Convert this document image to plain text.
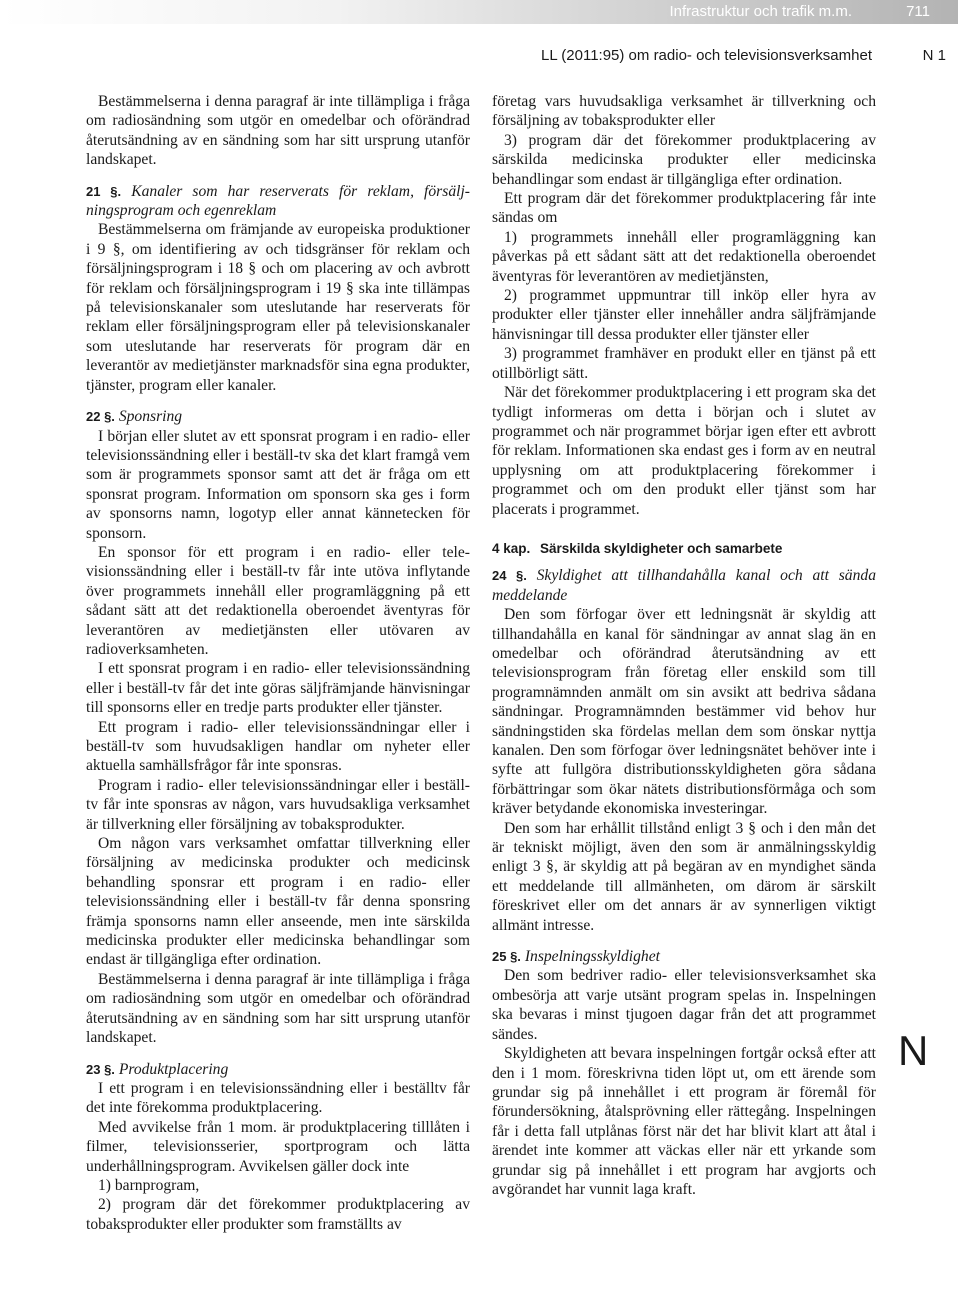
Infrastruktur och trafik m.m.	711
LL (2011:95) om radio- och televisionsverksamhet	N 1

Bestämmelserna i denna paragraf är inte tillämpliga i fråga om radiosändning som utgör en omedelbar och oförändrad återutsändning av en sändning som har sitt ursprung utanför landskapet.

21 §. Kanaler som har reserverats för reklam, försäljningsprogram och egenreklam

Bestämmelserna om främjande av europeiska produktioner i 9 §, om identifiering av och tidsgränser för reklam och försäljningsprogram i 18 § och om placering av och avbrott för reklam och försäljningsprogram i 19 § ska inte tillämpas på televisionskanaler som uteslutande har reserverats för reklam eller försäljningsprogram eller på televisionskanaler som uteslutande har reserverats för program där en leverantör av medietjänster marknadsför sina egna produkter, tjänster, program eller kanaler.

22 §. Sponsring

I början eller slutet av ett sponsrat program i en radio- eller televisionssändning eller i beställ-tv ska det klart framgå vem som är programmets sponsor samt att det är fråga om ett sponsrat program. Information om sponsorn ska ges i form av sponsorns namn, logotyp eller annat kännetecken för sponsorn.

En sponsor för ett program i en radio- eller televisionssändning eller i beställ-tv får inte utöva inflytande över programmets innehåll eller programläggning på ett sådant sätt att det redaktionella oberoendet äventyras för leverantören av medietjänsten eller utövaren av radioverksamheten.

I ett sponsrat program i en radio- eller televisionssändning eller i beställ-tv får det inte göras säljfrämjande hänvisningar till sponsorns eller en tredje parts produkter eller tjänster.

Ett program i radio- eller televisionssändningar eller i beställ-tv som huvudsakligen handlar om nyheter eller aktuella samhällsfrågor får inte sponsras.

Program i radio- eller televisionssändningar eller i beställ-tv får inte sponsras av någon, vars huvudsakliga verksamhet är tillverkning eller försäljning av tobaksprodukter.

Om någon vars verksamhet omfattar tillverkning eller försäljning av medicinska produkter och medicinsk behandling sponsrar ett program i en radio- eller televisionssändning eller i beställ-tv får denna sponsring främja sponsorns namn eller anseende, men inte särskilda medicinska produkter eller medicinska behandlingar som endast är tillgängliga efter ordination.

Bestämmelserna i denna paragraf är inte tillämpliga i fråga om radiosändning som utgör en omedelbar och oförändrad återutsändning av en sändning som har sitt ursprung utanför landskapet.

23 §. Produktplacering

I ett program i en televisionssändning eller i beställtv får det inte förekomma produktplacering.

Med avvikelse från 1 mom. är produktplacering tilllåten i filmer, televisionsserier, sportprogram och lätta underhållningsprogram. Avvikelsen gäller dock inte

1) barnprogram,

2) program där det förekommer produktplacering av tobaksprodukter eller produkter som framställts av

företag vars huvudsakliga verksamhet är tillverkning och försäljning av tobaksprodukter eller

3) program där det förekommer produktplacering av särskilda medicinska produkter eller medicinska behandlingar som endast är tillgängliga efter ordination.

Ett program där det förekommer produktplacering får inte sändas om

1) programmets innehåll eller programläggning kan påverkas på ett sådant sätt att det redaktionella oberoendet äventyras för leverantören av medietjänsten,

2) programmet uppmuntrar till inköp eller hyra av produkter eller tjänster eller innehåller andra säljfrämjande hänvisningar till dessa produkter eller tjänster eller

3) programmet framhäver en produkt eller en tjänst på ett otillbörligt sätt.

När det förekommer produktplacering i ett program ska det tydligt informeras om detta i början och i slutet av programmet och när programmet börjar igen efter ett avbrott för reklam. Informationen ska endast ges i form av en neutral upplysning om att produktplacering förekommer i programmet och om den produkt eller tjänst som har placerats i programmet.

4 kap. Särskilda skyldigheter och samarbete

24 §. Skyldighet att tillhandahålla kanal och att sända meddelande

Den som förfogar över ett ledningsnät är skyldig att tillhandahålla en kanal för sändningar av annat slag än en omedelbar och oförändrad återutsändning av ett televisionsprogram från företag eller enskild som till programnämnden anmält om sin avsikt att bedriva sådana sändningar. Programnämnden bestämmer vid behov hur sändningstiden ska fördelas mellan dem som önskar nyttja kanalen. Den som förfogar över ledningsnätet behöver inte i syfte att fullgöra distributionsskyldigheten göra sådana förbättringar som ökar nätets distributionsförmåga och som kräver betydande ekonomiska investeringar.

Den som har erhållit tillstånd enligt 3 § och i den mån det är tekniskt möjligt, även den som är anmälningsskyldig enligt 3 §, är skyldig att på begäran av en myndighet sända ett meddelande till allmänheten, om därom är särskilt föreskrivet eller om det annars är av synnerligen viktigt allmänt intresse.

25 §. Inspelningsskyldighet

Den som bedriver radio- eller televisionsverksamhet ska ombesörja att varje utsänt program spelas in. Inspelningen ska bevaras i minst tjugoen dagar från det att programmet sändes.

Skyldigheten att bevara inspelningen fortgår också efter att den i 1 mom. föreskrivna tiden löpt ut, om ett ärende som grundar sig på innehållet i ett program är föremål för förundersökning, åtalsprövning eller rättegång. Inspelningen får i detta fall utplånas först när det har blivit klart att åtal i ärendet inte kommer att väckas eller när ett yrkande som grundar sig på innehållet i ett program har avgjorts och avgörandet har vunnit laga kraft.

N
